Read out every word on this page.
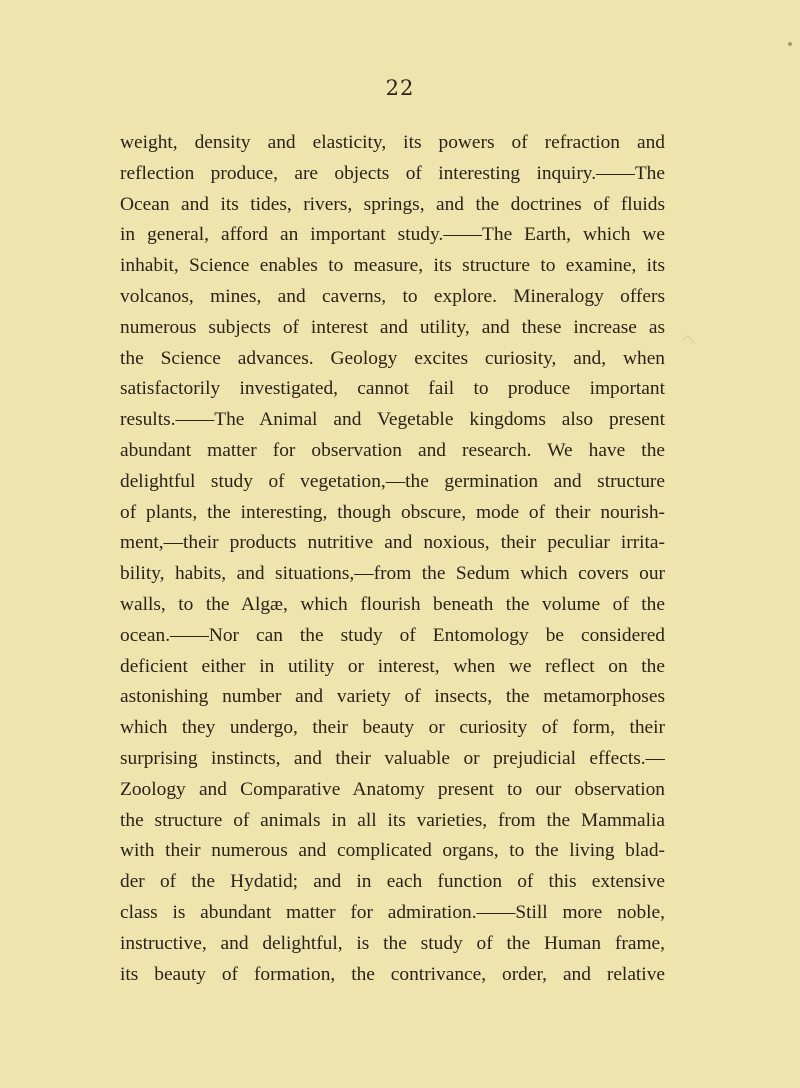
22
weight, density and elasticity, its powers of refraction and
reflection produce, are objects of interesting inquiry.——The
Ocean and its tides, rivers, springs, and the doctrines of fluids
in general, afford an important study.——The Earth, which we
inhabit, Science enables to measure, its structure to examine, its
volcanos, mines, and caverns, to explore. Mineralogy offers
numerous subjects of interest and utility, and these increase as
the Science advances. Geology excites curiosity, and, when
satisfactorily investigated, cannot fail to produce important
results.——The Animal and Vegetable kingdoms also present
abundant matter for observation and research. We have the
delightful study of vegetation,—the germination and structure
of plants, the interesting, though obscure, mode of their nourish-
ment,—their products nutritive and noxious, their peculiar irrita-
bility, habits, and situations,—from the Sedum which covers our
walls, to the Algæ, which flourish beneath the volume of the
ocean.——Nor can the study of Entomology be considered
deficient either in utility or interest, when we reflect on the
astonishing number and variety of insects, the metamorphoses
which they undergo, their beauty or curiosity of form, their
surprising instincts, and their valuable or prejudicial effects.—
Zoology and Comparative Anatomy present to our observation
the structure of animals in all its varieties, from the Mammalia
with their numerous and complicated organs, to the living blad-
der of the Hydatid; and in each function of this extensive
class is abundant matter for admiration.——Still more noble,
instructive, and delightful, is the study of the Human frame,
its beauty of formation, the contrivance, order, and relative
